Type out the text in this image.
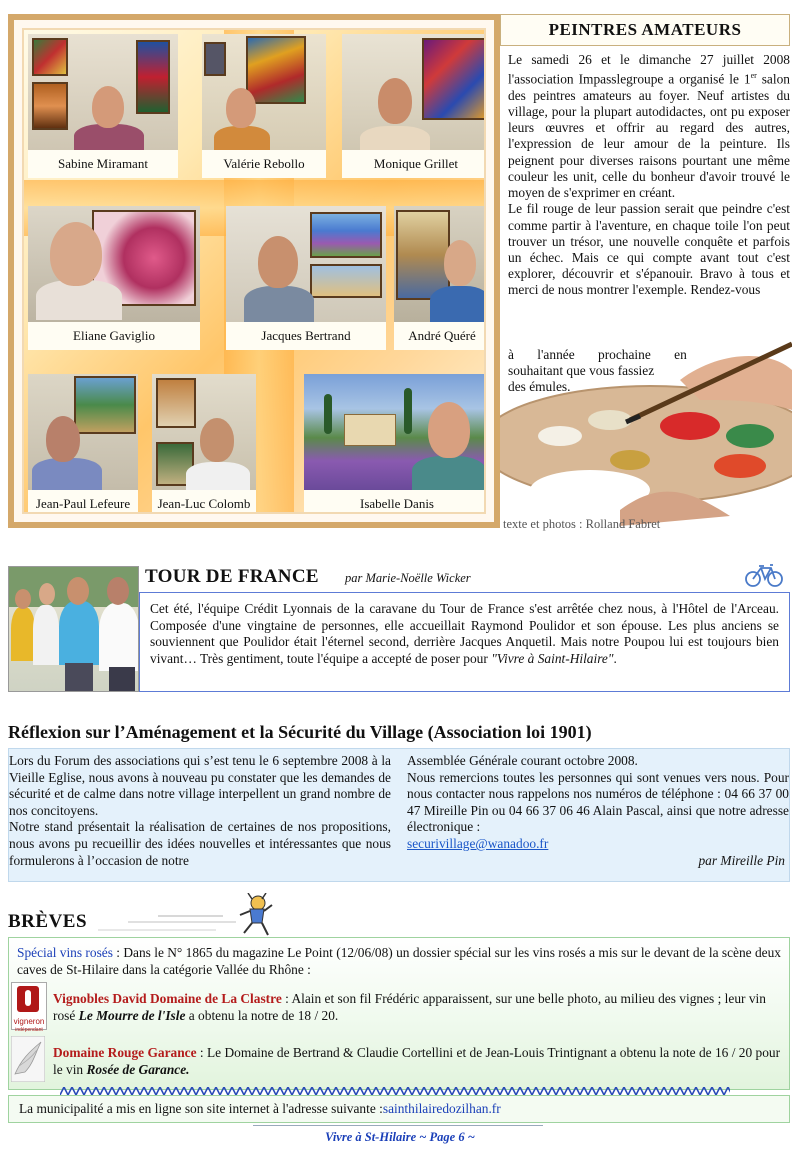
Sabine Miramant	Valérie Rebollo	Monique Grillet
Eliane Gaviglio	Jacques Bertrand	André Quéré
Jean-Paul Lefeure	Jean-Luc Colomb	Isabelle Danis
PEINTRES AMATEURS

Le samedi 26 et le dimanche 27 juillet 2008 l'association Impasslegroupe a organisé le 1er salon des peintres amateurs au foyer. Neuf artistes du village, pour la plupart autodidactes, ont pu exposer leurs œuvres et offrir au regard des autres, l'expression de leur amour de la peinture. Ils peignent pour diverses raisons pourtant une même couleur les unit, celle du bonheur d'avoir trouvé le moyen de s'exprimer en créant.

Le fil rouge de leur passion serait que peindre c'est comme partir à l'aventure, en chaque toile l'on peut trouver un trésor, une nouvelle conquête et parfois un échec. Mais ce qui compte avant tout c'est explorer, découvrir et s'épanouir. Bravo à tous et merci de nous montrer l'exemple. Rendez-vous

à l'année prochaine en
souhaitant que vous fassiez
des émules.
texte et photos : Rolland Fabret
TOUR DE FRANCE par Marie-Noëlle Wicker
Cet été, l'équipe Crédit Lyonnais de la caravane du Tour de France s'est arrêtée chez nous, à l'Hôtel de l'Arceau. Composée d'une vingtaine de personnes, elle accueillait Raymond Poulidor et son épouse. Les plus anciens se souviennent que Poulidor était l'éternel second, derrière Jacques Anquetil. Mais notre Poupou lui est toujours bien vivant… Très gentiment, toute l'équipe a accepté de poser pour "Vivre à Saint-Hilaire".
Réflexion sur l’Aménagement et la Sécurité du Village (Association loi 1901)

Lors du Forum des associations qui s’est tenu le 6 septembre 2008 à la Vieille Eglise, nous avons à nouveau pu constater que les demandes de sécurité et de calme dans notre village interpellent un grand nombre de nos concitoyens.

Notre stand présentait la réalisation de certaines de nos propositions, nous avons pu recueillir des idées nouvelles et intéressantes que nous formulerons à l’occasion de notre

Assemblée Générale courant octobre 2008.

Nous remercions toutes les personnes qui sont venues vers nous. Pour nous contacter nous rappelons nos numéros de téléphone : 04 66 37 00 47 Mireille Pin ou 04 66 37 06 46 Alain Pascal, ainsi que notre adresse électronique :

securivillage@wanadoo.fr

par Mireille Pin

BRÈVES
Spécial vins rosés : Dans le N° 1865 du magazine Le Point (12/06/08) un dossier spécial sur les vins rosés a mis sur le devant de la scène deux caves de St-Hilaire dans la catégorie Vallée du Rhône :
vigneron
indépendant
Vignobles David Domaine de La Clastre : Alain et son fil Frédéric apparaissent, sur une belle photo, au milieu des vignes ; leur vin rosé Le Mourre de l'Isle a obtenu la notre de 18 / 20.
Domaine Rouge Garance : Le Domaine de Bertrand & Claudie Cortellini et de Jean-Louis Trintignant a obtenu la note de 16 / 20 pour le vin Rosée de Garance.
La municipalité a mis en ligne son site internet à l'adresse suivante : sainthilairedozilhan.fr
Vivre à St-Hilaire ~ Page 6 ~
